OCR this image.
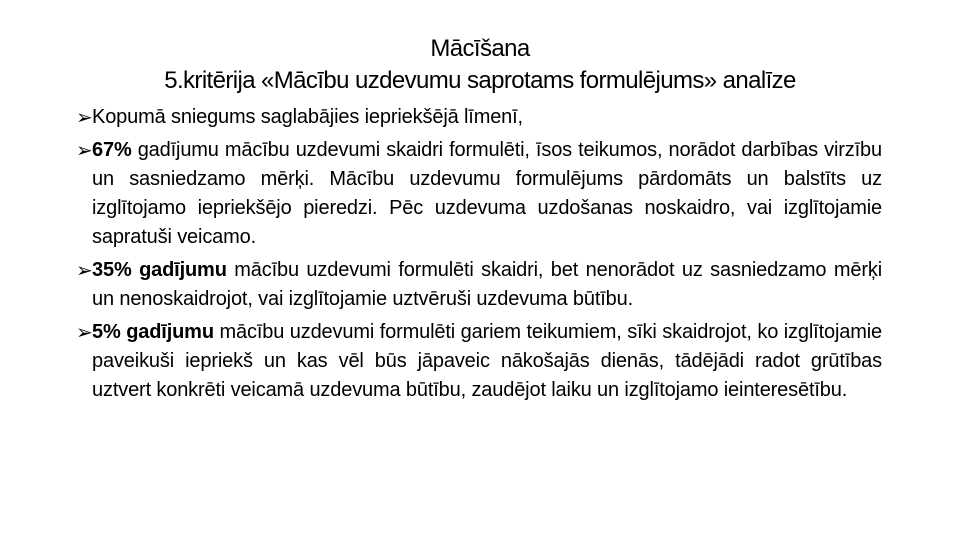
Mācīšana
5.kritērija «Mācību uzdevumu saprotams formulējums» analīze

➢ Kopumā sniegums saglabājies iepriekšējā līmenī,

➢ 67% gadījumu mācību uzdevumi skaidri formulēti, īsos teikumos, norādot darbības virzību un sasniedzamo mērķi. Mācību uzdevumu formulējums pārdomāts un balstīts uz izglītojamo iepriekšējo pieredzi. Pēc uzdevuma uzdošanas noskaidro, vai izglītojamie sapratuši veicamo.

➢ 35% gadījumu mācību uzdevumi formulēti skaidri, bet nenorādot uz sasniedzamo mērķi un nenoskaidrojot, vai izglītojamie uztvēruši uzdevuma būtību.

➢ 5% gadījumu mācību uzdevumi formulēti gariem teikumiem, sīki skaidrojot, ko izglītojamie paveikuši iepriekš un kas vēl būs jāpaveic nākošajās dienās, tādējādi radot grūtības uztvert konkrēti veicamā uzdevuma būtību, zaudējot laiku un izglītojamo ieinteresētību.
